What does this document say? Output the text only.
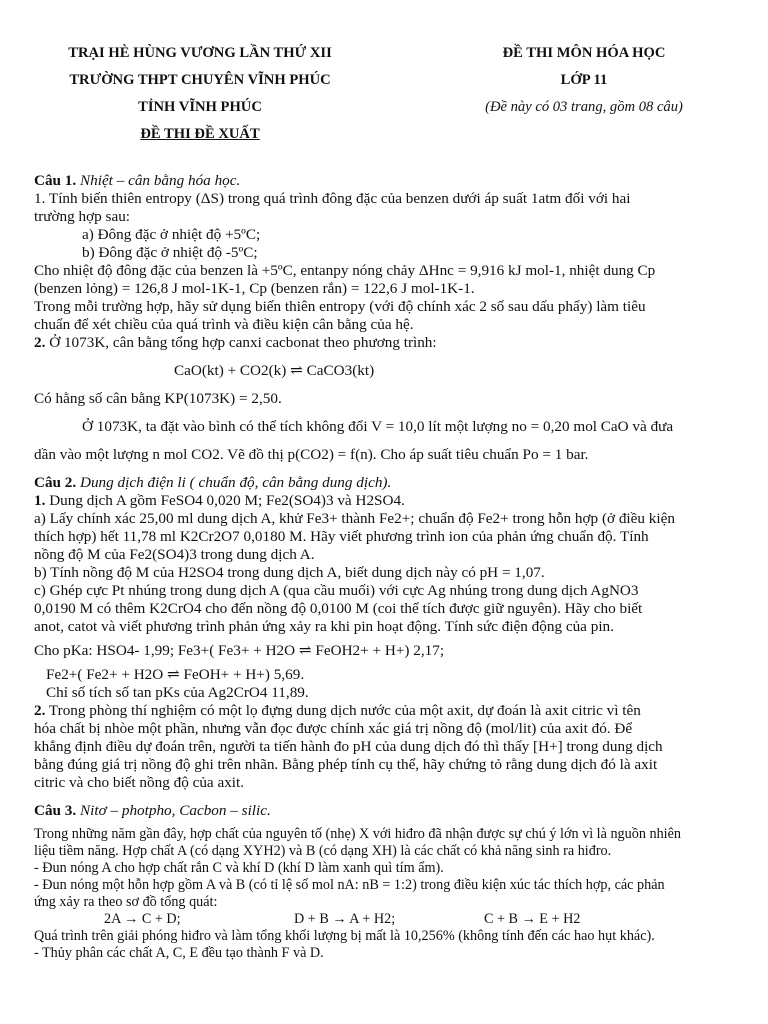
TRẠI HÈ HÙNG VƯƠNG LẦN THỨ XII	ĐỀ THI MÔN HÓA HỌC
TRƯỜNG THPT CHUYÊN VĨNH PHÚC	LỚP 11
TỈNH VĨNH PHÚC	(Đề này có 03 trang, gồm 08 câu)
ĐỀ THI ĐỀ XUẤT
Câu 1. Nhiệt – cân bằng hóa học.
1. Tính biến thiên entropy (ΔS) trong quá trình đông đặc của benzen dưới áp suất 1atm đối với hai
trường hợp sau:
a) Đông đặc ở nhiệt độ +5ºC;
b) Đông đặc ở nhiệt độ -5ºC;
Cho nhiệt độ đông đặc của benzen là +5ºC, entanpy nóng chảy ΔHnc = 9,916 kJ mol-1, nhiệt dung Cp
(benzen lỏng) = 126,8 J mol-1K-1, Cp (benzen rắn) = 122,6 J mol-1K-1.
Trong mỗi trường hợp, hãy sử dụng biến thiên entropy (với độ chính xác 2 số sau dấu phẩy) làm tiêu
chuẩn để xét chiều của quá trình và điều kiện cân bằng của hệ.
2. Ở 1073K, cân bằng tổng hợp canxi cacbonat theo phương trình:
CaO(kt) + CO2(k) ⇌ CaCO3(kt)
Có hằng số cân bằng KP(1073K) = 2,50.
Ở 1073K, ta đặt vào bình có thể tích không đổi V = 10,0 lít một lượng no = 0,20 mol CaO và đưa
dần vào một lượng n mol CO2. Vẽ đồ thị p(CO2) = f(n). Cho áp suất tiêu chuẩn Po = 1 bar.
Câu 2. Dung dịch điện li ( chuẩn độ, cân bằng dung dịch).
1. Dung dịch A gồm FeSO4 0,020 M; Fe2(SO4)3 và H2SO4.
a) Lấy chính xác 25,00 ml dung dịch A, khử Fe3+ thành Fe2+; chuẩn độ Fe2+ trong hỗn hợp (ở điều kiện
thích hợp) hết 11,78 ml K2Cr2O7 0,0180 M. Hãy viết phương trình ion của phản ứng chuẩn độ. Tính
nồng độ M của Fe2(SO4)3 trong dung dịch A.
b) Tính nồng độ M của H2SO4 trong dung dịch A, biết dung dịch này có pH = 1,07.
c) Ghép cực Pt nhúng trong dung dịch A (qua cầu muối) với cực Ag nhúng trong dung dịch AgNO3
0,0190 M có thêm K2CrO4 cho đến nồng độ 0,0100 M (coi thể tích được giữ nguyên). Hãy cho biết
anot, catot và viết phương trình phản ứng xảy ra khi pin hoạt động. Tính sức điện động của pin.
Cho pKa: HSO4- 1,99; Fe3+( Fe3+ + H2O ⇌ FeOH2+ + H+) 2,17;
Fe2+( Fe2+ + H2O ⇌ FeOH+ + H+) 5,69.
Chỉ số tích số tan pKs của Ag2CrO4 11,89.
2. Trong phòng thí nghiệm có một lọ đựng dung dịch nước của một axit, dự đoán là axit citric vì tên
hóa chất bị nhòe một phần, nhưng vẫn đọc được chính xác giá trị nồng độ (mol/lit) của axit đó. Để
khẳng định điều dự đoán trên, người ta tiến hành đo pH của dung dịch đó thì thấy [H+] trong dung dịch
bằng đúng giá trị nồng độ ghi trên nhãn. Bằng phép tính cụ thể, hãy chứng tỏ rằng dung dịch đó là axit
citric và cho biết nồng độ của axit.
Câu 3. Nitơ – photpho, Cacbon – silic.
Trong những năm gần đây, hợp chất của nguyên tố (nhẹ) X với hiđro đã nhận được sự chú ý lớn vì là nguồn nhiên
liệu tiềm năng. Hợp chất A (có dạng XYH2) và B (có dạng XH) là các chất có khả năng sinh ra hiđro.
- Đun nóng A cho hợp chất rắn C và khí D (khí D làm xanh quì tím ẩm).
- Đun nóng một hỗn hợp gồm A và B (có tỉ lệ số mol nA: nB = 1:2) trong điều kiện xúc tác thích hợp, các phản
ứng xảy ra theo sơ đồ tổng quát:
2A → C + D;	D + B → A + H2;	C + B → E + H2
Quá trình trên giải phóng hiđro và làm tổng khối lượng bị mất là 10,256% (không tính đến các hao hụt khác).
- Thủy phân các chất A, C, E đều tạo thành F và D.
